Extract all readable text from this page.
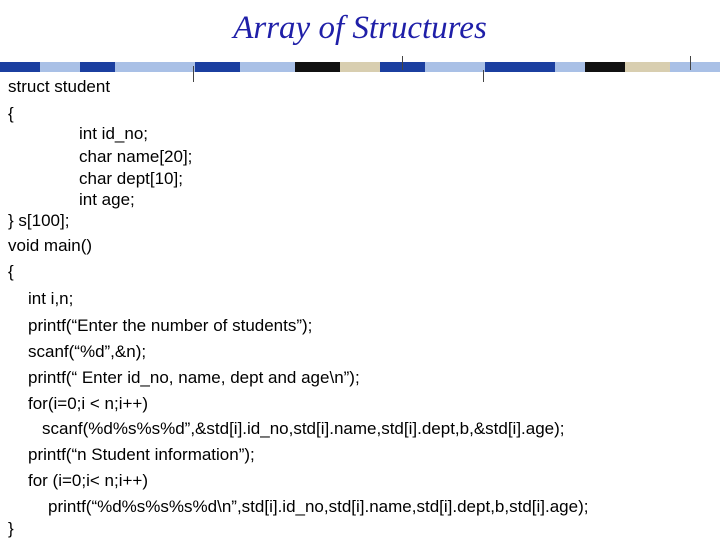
Array of Structures
struct student
{
int id_no;
char name[20];
char dept[10];
int age;
} s[100];
void main()
{
int i,n;
printf(“Enter the number of students”);
scanf(“%d”,&n);
printf(“ Enter id_no, name, dept and age\n”);
for(i=0;i < n;i++)
scanf(%d%s%s%d”,&std[i].id_no,std[i].name,std[i].dept,b,&std[i].age);
printf(“n Student information”);
for (i=0;i< n;i++)
printf(“%d%s%s%s%d\n”,std[i].id_no,std[i].name,std[i].dept,b,std[i].age);
}
